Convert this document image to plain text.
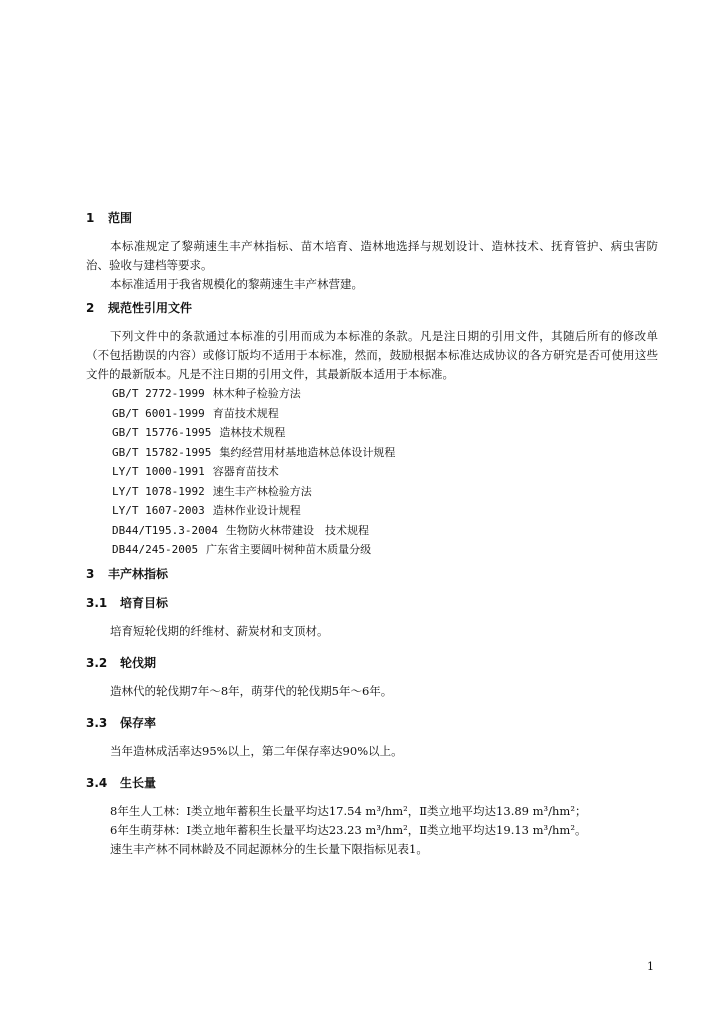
1 范围

本标准规定了黎蒴速生丰产林指标、苗木培育、造林地选择与规划设计、造林技术、抚育管护、病虫害防治、验收与建档等要求。

本标准适用于我省规模化的黎蒴速生丰产林营建。

2 规范性引用文件

下列文件中的条款通过本标准的引用而成为本标准的条款。凡是注日期的引用文件，其随后所有的修改单（不包括勘误的内容）或修订版均不适用于本标准，然而，鼓励根据本标准达成协议的各方研究是否可使用这些文件的最新版本。凡是不注日期的引用文件，其最新版本适用于本标准。

GB/T 2772-1999 林木种子检验方法
GB/T 6001-1999 育苗技术规程
GB/T 15776-1995 造林技术规程
GB/T 15782-1995 集约经营用材基地造林总体设计规程
LY/T 1000-1991 容器育苗技术
LY/T 1078-1992 速生丰产林检验方法
LY/T 1607-2003 造林作业设计规程
DB44/T195.3-2004 生物防火林带建设　技术规程
DB44/245-2005 广东省主要阔叶树种苗木质量分级
3 丰产林指标
3.1 培育目标

培育短轮伐期的纤维材、薪炭材和支顶材。

3.2 轮伐期

造林代的轮伐期7年～8年，萌芽代的轮伐期5年～6年。

3.3 保存率

当年造林成活率达95%以上，第二年保存率达90%以上。

3.4 生长量

8年生人工林：Ⅰ类立地年蓄积生长量平均达17.54 m³/hm²，Ⅱ类立地平均达13.89 m³/hm²；

6年生萌芽林：Ⅰ类立地年蓄积生长量平均达23.23 m³/hm²，Ⅱ类立地平均达19.13 m³/hm²。

速生丰产林不同林龄及不同起源林分的生长量下限指标见表1。

1
